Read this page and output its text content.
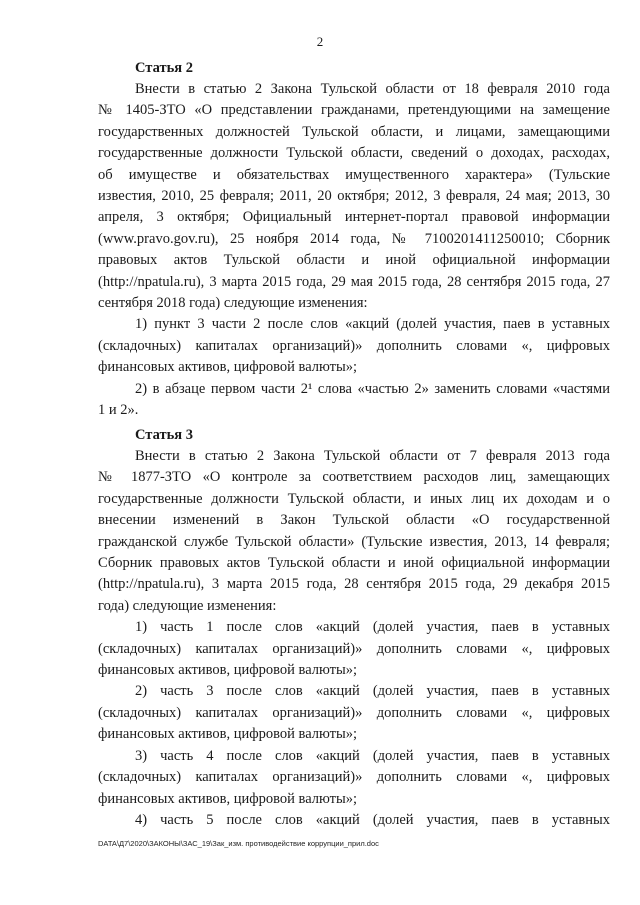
2

Статья 2

Внести в статью 2 Закона Тульской области от 18 февраля 2010 года

№ 1405-ЗТО «О представлении гражданами, претендующими на замещение

государственных должностей Тульской области, и лицами, замещающими

государственные должности Тульской области, сведений о доходах, расходах,

об имуществе и обязательствах имущественного характера» (Тульские

известия, 2010, 25 февраля; 2011, 20 октября; 2012, 3 февраля, 24 мая; 2013, 30

апреля, 3 октября; Официальный интернет-портал правовой информации

(www.pravo.gov.ru), 25 ноября 2014 года, № 7100201411250010; Сборник

правовых актов Тульской области и иной официальной информации

(http://npatula.ru), 3 марта 2015 года, 29 мая 2015 года, 28 сентября 2015 года, 27

сентября 2018 года) следующие изменения:

1) пункт 3 части 2 после слов «акций (долей участия, паев в уставных

(складочных) капиталах организаций)» дополнить словами «, цифровых

финансовых активов, цифровой валюты»;

2) в абзаце первом части 2¹ слова «частью 2» заменить словами «частями

1 и 2».

Статья 3

Внести в статью 2 Закона Тульской области от 7 февраля 2013 года

№ 1877-ЗТО «О контроле за соответствием расходов лиц, замещающих

государственные должности Тульской области, и иных лиц их доходам и о

внесении изменений в Закон Тульской области «О государственной

гражданской службе Тульской области» (Тульские известия, 2013, 14 февраля;

Сборник правовых актов Тульской области и иной официальной информации

(http://npatula.ru), 3 марта 2015 года, 28 сентября 2015 года, 29 декабря 2015

года) следующие изменения:

1) часть 1 после слов «акций (долей участия, паев в уставных

(складочных) капиталах организаций)» дополнить словами «, цифровых

финансовых активов, цифровой валюты»;

2) часть 3 после слов «акций (долей участия, паев в уставных

(складочных) капиталах организаций)» дополнить словами «, цифровых

финансовых активов, цифровой валюты»;

3) часть 4 после слов «акций (долей участия, паев в уставных

(складочных) капиталах организаций)» дополнить словами «, цифровых

финансовых активов, цифровой валюты»;

4) часть 5 после слов «акций (долей участия, паев в уставных

DATA\Д7\2020\ЗАКОНЫ\ЗАС_19\Зак_изм. противодействие коррупции_прил.doc
